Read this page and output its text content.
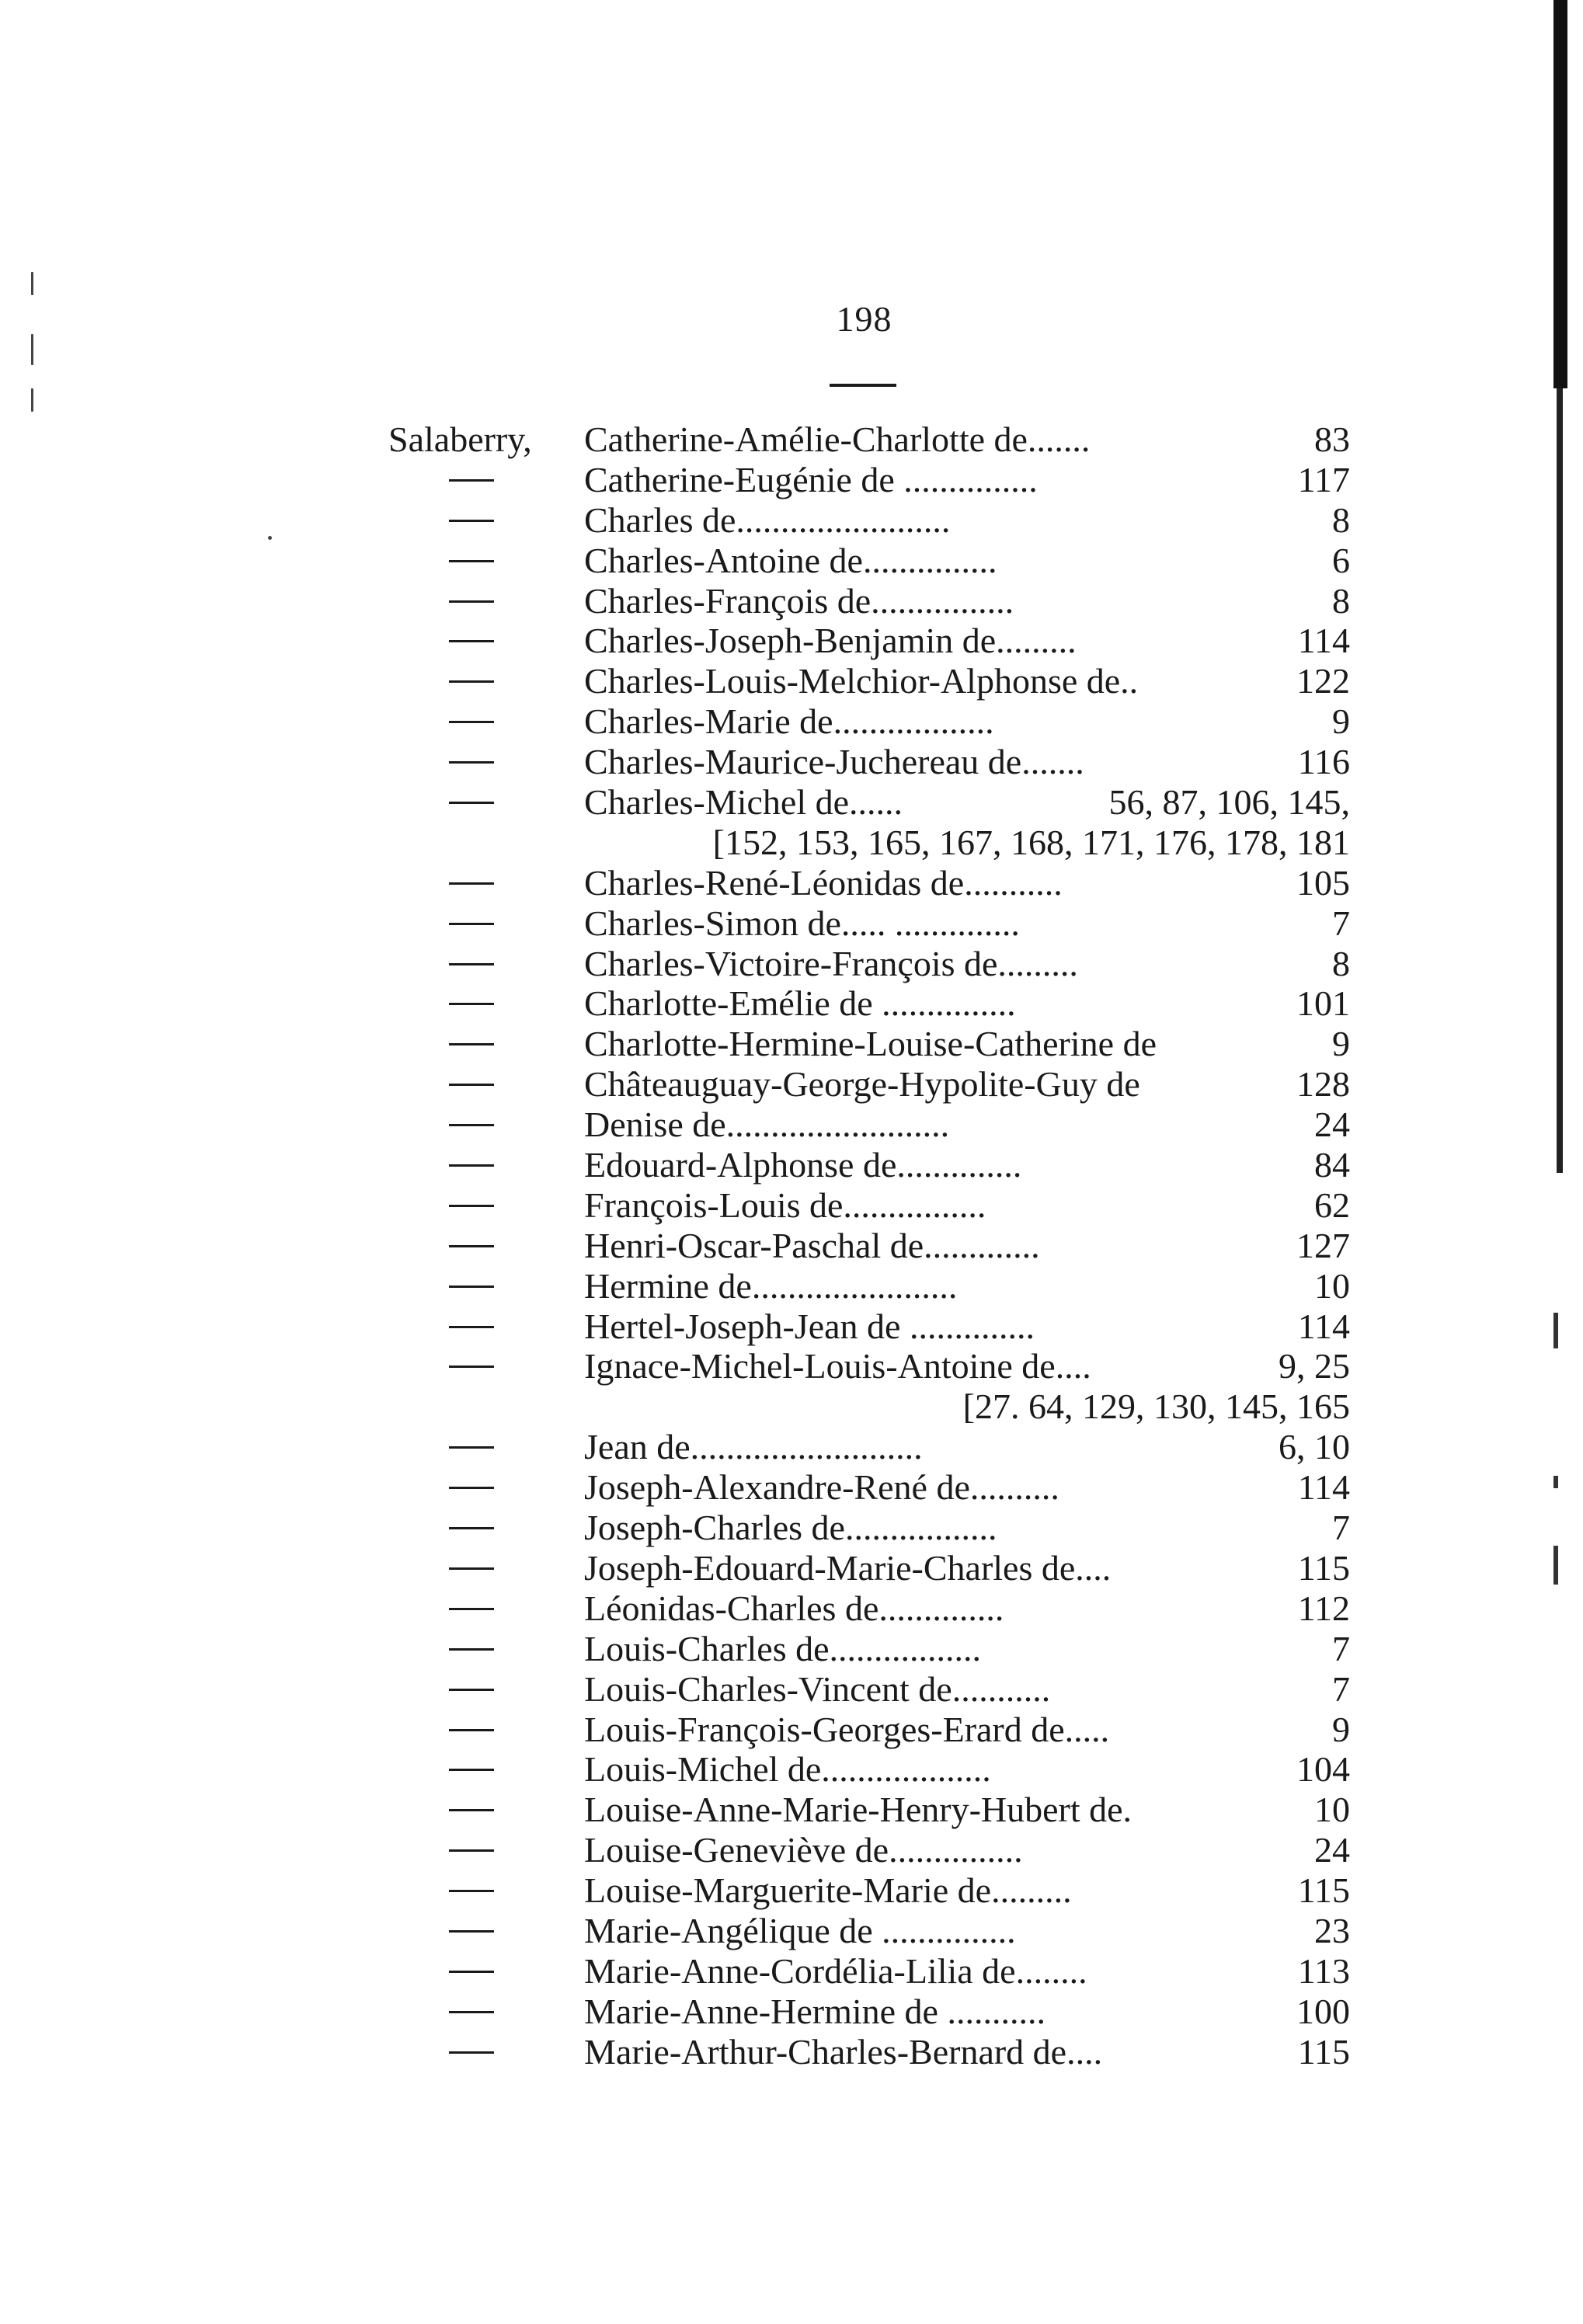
198
Salaberry, Catherine-Amélie-Charlotte de.......	83
Catherine-Eugénie de ...............	117
Charles de........................	8
Charles-Antoine de...............	6
Charles-François de................	8
Charles-Joseph-Benjamin de.........	114
Charles-Louis-Melchior-Alphonse de..	122
Charles-Marie de..................	9
Charles-Maurice-Juchereau de.......	116
Charles-Michel de......	56, 87, 106, 145,
[152, 153, 165, 167, 168, 171, 176, 178, 181
Charles-René-Léonidas de...........	105
Charles-Simon de..... ..............	7
Charles-Victoire-François de.........	8
Charlotte-Emélie de ...............	101
Charlotte-Hermine-Louise-Catherine de	9
Châteauguay-George-Hypolite-Guy de	128
Denise de.........................	24
Edouard-Alphonse de..............	84
François-Louis de................	62
Henri-Oscar-Paschal de.............	127
Hermine de.......................	10
Hertel-Joseph-Jean de ..............	114
Ignace-Michel-Louis-Antoine de....	9, 25
[27. 64, 129, 130, 145, 165
Jean de..........................	6, 10
Joseph-Alexandre-René de..........	114
Joseph-Charles de.................	7
Joseph-Edouard-Marie-Charles de....	115
Léonidas-Charles de..............	112
Louis-Charles de.................	7
Louis-Charles-Vincent de...........	7
Louis-François-Georges-Erard de.....	9
Louis-Michel de...................	104
Louise-Anne-Marie-Henry-Hubert de.	10
Louise-Geneviève de...............	24
Louise-Marguerite-Marie de.........	115
Marie-Angélique de ...............	23
Marie-Anne-Cordélia-Lilia de........	113
Marie-Anne-Hermine de ...........	100
Marie-Arthur-Charles-Bernard de....	115
